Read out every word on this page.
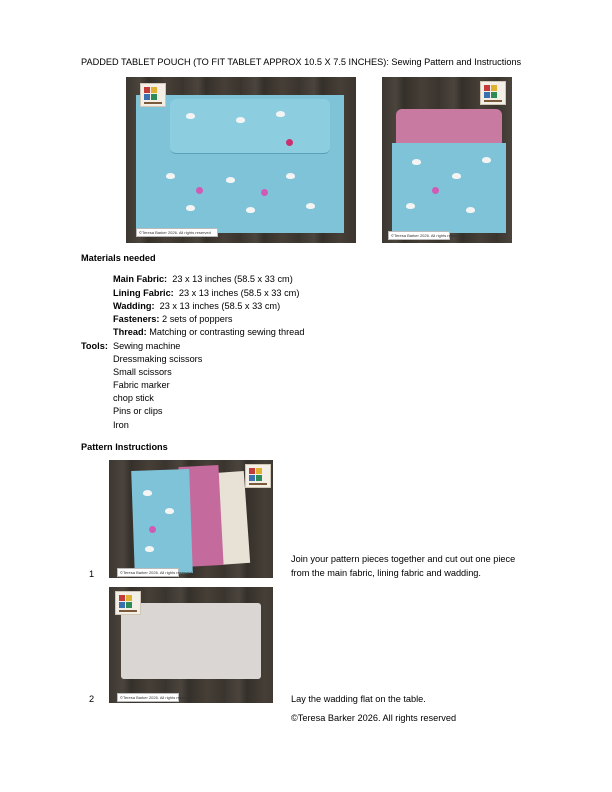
PADDED TABLET POUCH (TO FIT TABLET APPROX 10.5 X 7.5 INCHES): Sewing Pattern and Instructions
©Teresa Barker 2026. All rights reserved
©Teresa Barker 2026. All rights reserved
Materials needed
Main Fabric: 23 x 13 inches (58.5 x 33 cm)
Lining Fabric: 23 x 13 inches (58.5 x 33 cm)
Wadding: 23 x 13 inches (58.5 x 33 cm)
Fasteners: 2 sets of poppers
Thread: Matching or contrasting sewing thread
Tools: Sewing machine
Dressmaking scissors
Small scissors
Fabric marker
chop stick
Pins or clips
Iron
Pattern Instructions
©Teresa Barker 2026. All rights reserved
1
Join your pattern pieces together and cut out one piece
from the main fabric, lining fabric and wadding.
©Teresa Barker 2026. All rights reserved
2	Lay the wadding flat on the table.
©Teresa Barker 2026. All rights reserved
